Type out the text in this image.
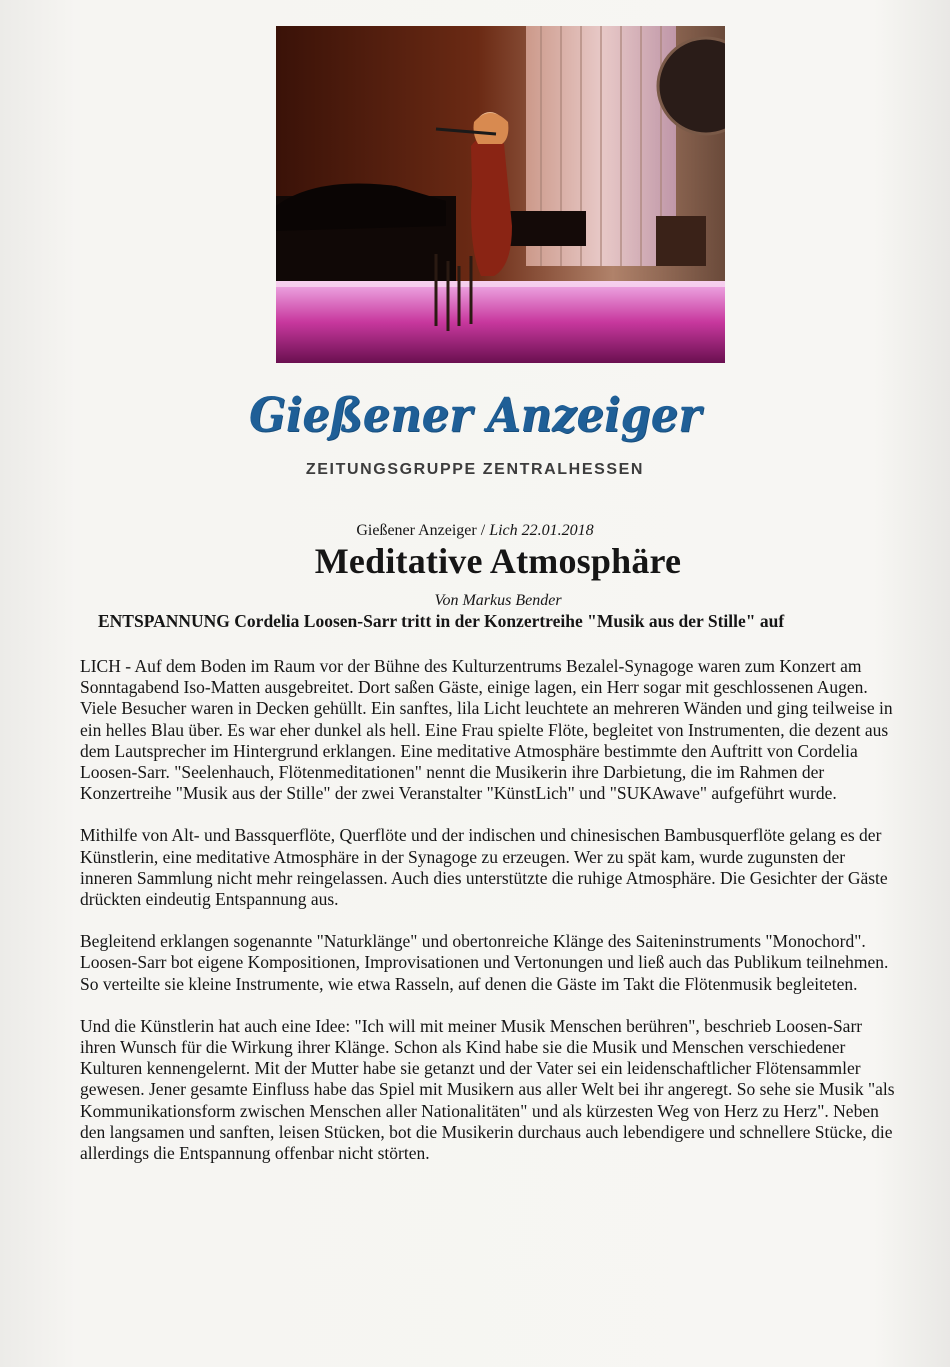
Gießener Anzeiger
ZEITUNGSGRUPPE ZENTRALHESSEN
Gießener Anzeiger / Lich 22.01.2018
Meditative Atmosphäre
Von Markus Bender
ENTSPANNUNG Cordelia Loosen-Sarr tritt in der Konzertreihe "Musik aus der Stille" auf

LICH - Auf dem Boden im Raum vor der Bühne des Kulturzentrums Bezalel-Synagoge waren zum Konzert am Sonntagabend Iso-Matten ausgebreitet. Dort saßen Gäste, einige lagen, ein Herr sogar mit geschlossenen Augen. Viele Besucher waren in Decken gehüllt. Ein sanftes, lila Licht leuchtete an mehreren Wänden und ging teilweise in ein helles Blau über. Es war eher dunkel als hell. Eine Frau spielte Flöte, begleitet von Instrumenten, die dezent aus dem Lautsprecher im Hintergrund erklangen. Eine meditative Atmosphäre bestimmte den Auftritt von Cordelia Loosen-Sarr. "Seelenhauch, Flötenmeditationen" nennt die Musikerin ihre Darbietung, die im Rahmen der Konzertreihe "Musik aus der Stille" der zwei Veranstalter "KünstLich" und "SUKAwave" aufgeführt wurde.

Mithilfe von Alt- und Bassquerflöte, Querflöte und der indischen und chinesischen Bambusquerflöte gelang es der Künstlerin, eine meditative Atmosphäre in der Synagoge zu erzeugen. Wer zu spät kam, wurde zugunsten der inneren Sammlung nicht mehr reingelassen. Auch dies unterstützte die ruhige Atmosphäre. Die Gesichter der Gäste drückten eindeutig Entspannung aus.

Begleitend erklangen sogenannte "Naturklänge" und obertonreiche Klänge des Saiteninstruments "Monochord". Loosen-Sarr bot eigene Kompositionen, Improvisationen und Vertonungen und ließ auch das Publikum teilnehmen. So verteilte sie kleine Instrumente, wie etwa Rasseln, auf denen die Gäste im Takt die Flötenmusik begleiteten.

Und die Künstlerin hat auch eine Idee: "Ich will mit meiner Musik Menschen berühren", beschrieb Loosen-Sarr ihren Wunsch für die Wirkung ihrer Klänge. Schon als Kind habe sie die Musik und Menschen verschiedener Kulturen kennengelernt. Mit der Mutter habe sie getanzt und der Vater sei ein leidenschaftlicher Flötensammler gewesen. Jener gesamte Einfluss habe das Spiel mit Musikern aus aller Welt bei ihr angeregt. So sehe sie Musik "als Kommunikationsform zwischen Menschen aller Nationalitäten" und als kürzesten Weg von Herz zu Herz". Neben den langsamen und sanften, leisen Stücken, bot die Musikerin durchaus auch lebendigere und schnellere Stücke, die allerdings die Entspannung offenbar nicht störten.
